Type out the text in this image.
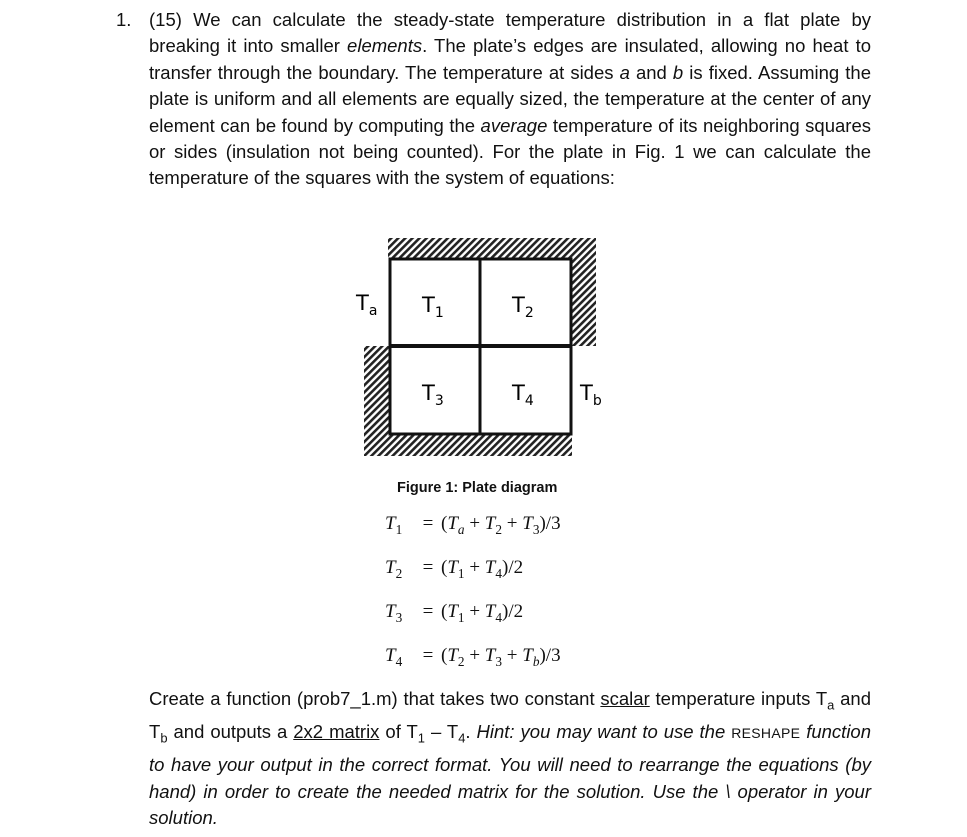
1. (15) We can calculate the steady-state temperature distribution in a flat plate by breaking it into smaller elements. The plate’s edges are insulated, allowing no heat to transfer through the boundary. The temperature at sides a and b is fixed. Assuming the plate is uniform and all elements are equally sized, the temperature at the center of any element can be found by computing the average temperature of its neighboring squares or sides (insulation not being counted). For the plate in Fig. 1 we can calculate the temperature of the squares with the system of equations:

$T_a$ $T_1$	$T_2$
$T_3$	$T_4$ $T_b$
Figure 1: Plate diagram
$T_1 = (T_a + T_2 + T_3)/3$
$T_2 = (T_1 + T_4)/2$
$T_3 = (T_1 + T_4)/2$
$T_4 = (T_2 + T_3 + T_b)/3$

Create a function (prob7_1.m) that takes two constant scalar temperature inputs $T_a$ and $T_b$ and outputs a 2x2 matrix of $T_1 - T_4$. Hint: you may want to use the RESHAPE function to have your output in the correct format. You will need to rearrange the equations (by hand) in order to create the needed matrix for the solution. Use the \ operator in your solution.
